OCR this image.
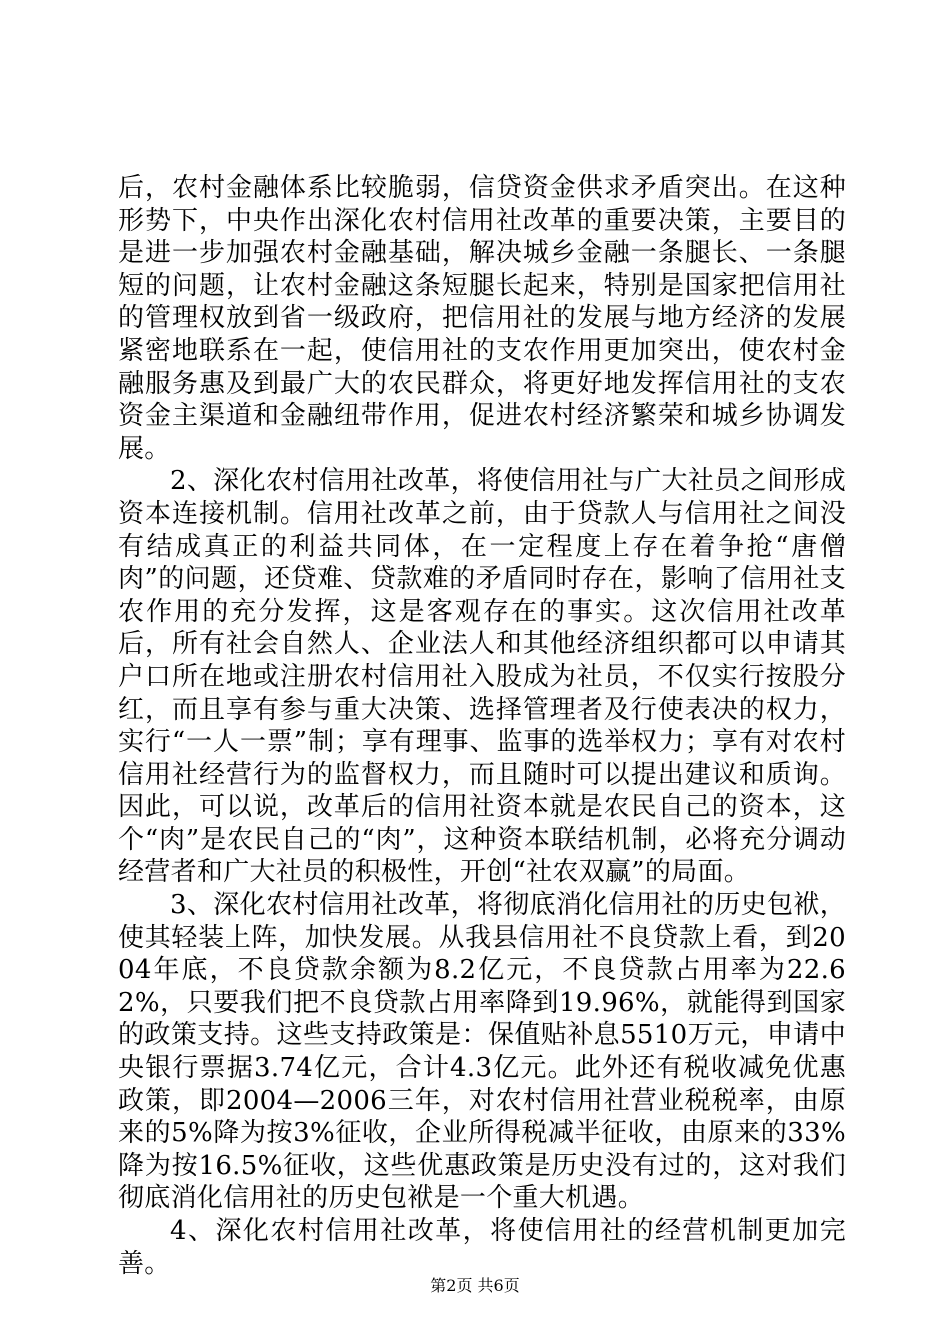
后，农村金融体系比较脆弱，信贷资金供求矛盾突出。在这种形势下，中央作出深化农村信用社改革的重要决策，主要目的是进一步加强农村金融基础，解决城乡金融一条腿长、一条腿短的问题，让农村金融这条短腿长起来，特别是国家把信用社的管理权放到省一级政府，把信用社的发展与地方经济的发展紧密地联系在一起，使信用社的支农作用更加突出，使农村金融服务惠及到最广大的农民群众，将更好地发挥信用社的支农资金主渠道和金融纽带作用，促进农村经济繁荣和城乡协调发展。

2、深化农村信用社改革，将使信用社与广大社员之间形成资本连接机制。信用社改革之前，由于贷款人与信用社之间没有结成真正的利益共同体，在一定程度上存在着争抢“唐僧肉”的问题，还贷难、贷款难的矛盾同时存在，影响了信用社支农作用的充分发挥，这是客观存在的事实。这次信用社改革后，所有社会自然人、企业法人和其他经济组织都可以申请其户口所在地或注册农村信用社入股成为社员，不仅实行按股分红，而且享有参与重大决策、选择管理者及行使表决的权力，实行“一人一票”制；享有理事、监事的选举权力；享有对农村信用社经营行为的监督权力，而且随时可以提出建议和质询。因此，可以说，改革后的信用社资本就是农民自己的资本，这个“肉”是农民自己的“肉”，这种资本联结机制，必将充分调动经营者和广大社员的积极性，开创“社农双赢”的局面。

3、深化农村信用社改革，将彻底消化信用社的历史包袱，使其轻装上阵，加快发展。从我县信用社不良贷款上看，到2004年底，不良贷款余额为8.2亿元，不良贷款占用率为22.62%，只要我们把不良贷款占用率降到19.96%，就能得到国家的政策支持。这些支持政策是：保值贴补息5510万元，申请中央银行票据3.74亿元，合计4.3亿元。此外还有税收减免优惠政策，即2004—2006三年，对农村信用社营业税税率，由原来的5%降为按3%征收，企业所得税减半征收，由原来的33%降为按16.5%征收，这些优惠政策是历史没有过的，这对我们彻底消化信用社的历史包袱是一个重大机遇。

4、深化农村信用社改革，将使信用社的经营机制更加完善。

第2页 共6页
